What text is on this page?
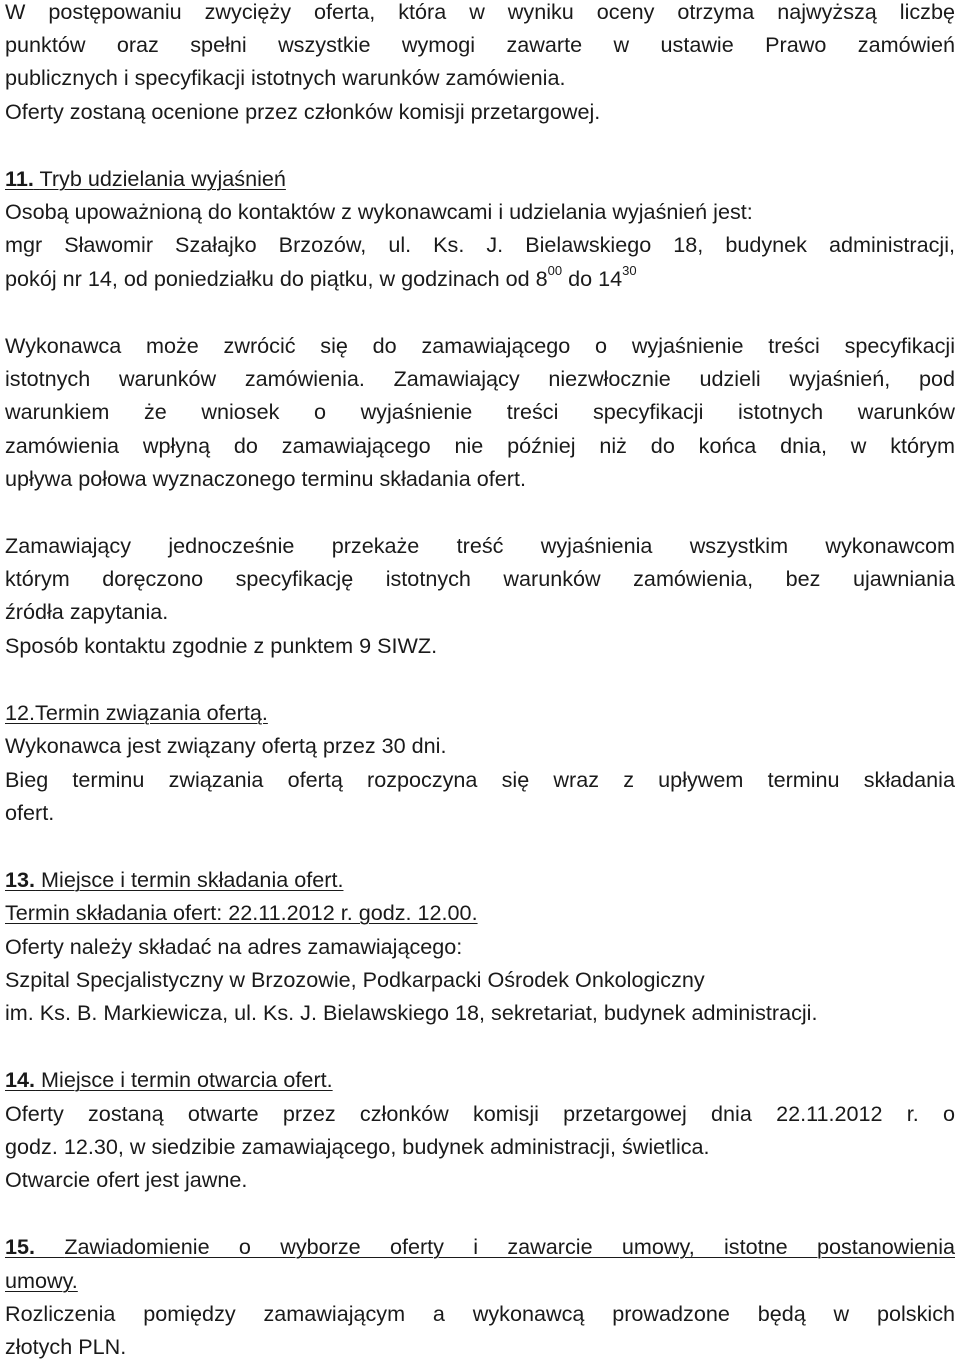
W postępowaniu zwycięży oferta, która w wyniku oceny otrzyma najwyższą liczbę
punktów oraz spełni wszystkie wymogi zawarte w ustawie Prawo zamówień
publicznych i specyfikacji istotnych warunków zamówienia.
Oferty zostaną ocenione przez członków komisji przetargowej.
11. Tryb udzielania wyjaśnień
Osobą upoważnioną do kontaktów z wykonawcami i udzielania wyjaśnień jest:
mgr Sławomir Szałajko Brzozów, ul. Ks. J. Bielawskiego 18, budynek administracji,
pokój nr 14, od poniedziałku do piątku, w godzinach od $8^{00}$ do $14^{30}$
Wykonawca może zwrócić się do zamawiającego o wyjaśnienie treści specyfikacji
istotnych warunków zamówienia. Zamawiający niezwłocznie udzieli wyjaśnień, pod
warunkiem że wniosek o wyjaśnienie treści specyfikacji istotnych warunków
zamówienia wpłyną do zamawiającego nie później niż do końca dnia, w którym
upływa połowa wyznaczonego terminu składania ofert.
Zamawiający jednocześnie przekaże treść wyjaśnienia wszystkim wykonawcom
którym doręczono specyfikację istotnych warunków zamówienia, bez ujawniania
źródła zapytania.
Sposób kontaktu zgodnie z punktem 9 SIWZ.
12.Termin związania ofertą.
Wykonawca jest związany ofertą przez 30 dni.
Bieg terminu związania ofertą rozpoczyna się wraz z upływem terminu składania
ofert.
13. Miejsce i termin składania ofert.
Termin składania ofert: 22.11.2012 r. godz. 12.00.
Oferty należy składać na adres zamawiającego:
Szpital Specjalistyczny w Brzozowie, Podkarpacki Ośrodek Onkologiczny
im. Ks. B. Markiewicza, ul. Ks. J. Bielawskiego 18, sekretariat, budynek administracji.
14. Miejsce i termin otwarcia ofert.
Oferty zostaną otwarte przez członków komisji przetargowej dnia 22.11.2012 r. o
godz. 12.30, w siedzibie zamawiającego, budynek administracji, świetlica.
Otwarcie ofert jest jawne.
15. Zawiadomienie o wyborze oferty i zawarcie umowy, istotne postanowienia
umowy.
Rozliczenia pomiędzy zamawiającym a wykonawcą prowadzone będą w polskich
złotych PLN.
